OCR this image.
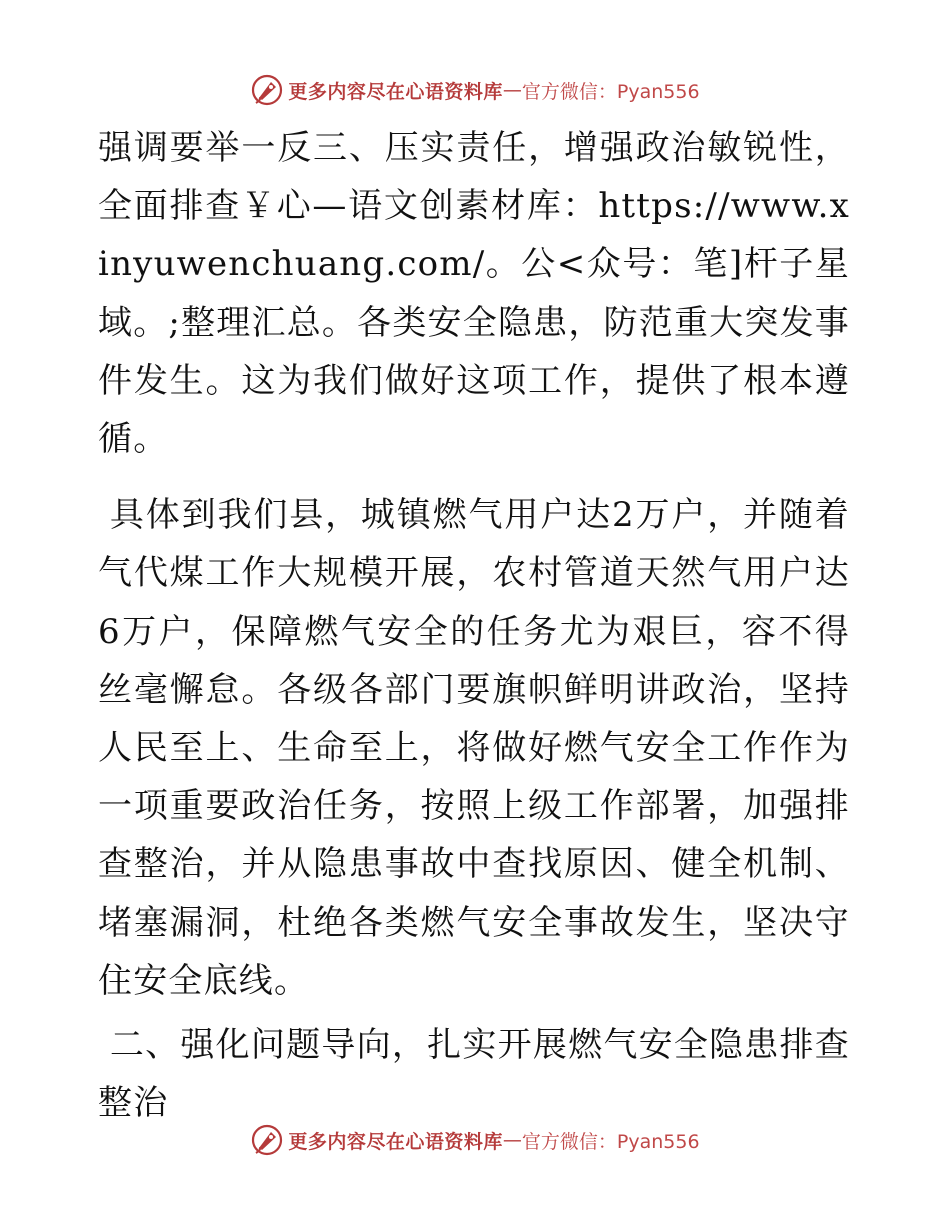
更多内容尽在心语资料库 — 官方微信：Pyan556

强调要举一反三、压实责任，增强政治敏锐性，全面排查￥心—语文创素材库：https://www.xinyuwenchuang.com/。公<众号：笔]杆子星域。;整理汇总。各类安全隐患，防范重大突发事件发生。这为我们做好这项工作，提供了根本遵循。

具体到我们县，城镇燃气用户达2万户，并随着气代煤工作大规模开展，农村管道天然气用户达6万户，保障燃气安全的任务尤为艰巨，容不得丝毫懈怠。各级各部门要旗帜鲜明讲政治，坚持人民至上、生命至上，将做好燃气安全工作作为一项重要政治任务，按照上级工作部署，加强排查整治，并从隐患事故中查找原因、健全机制、堵塞漏洞，杜绝各类燃气安全事故发生，坚决守住安全底线。

二、强化问题导向，扎实开展燃气安全隐患排查整治

更多内容尽在心语资料库 — 官方微信：Pyan556
